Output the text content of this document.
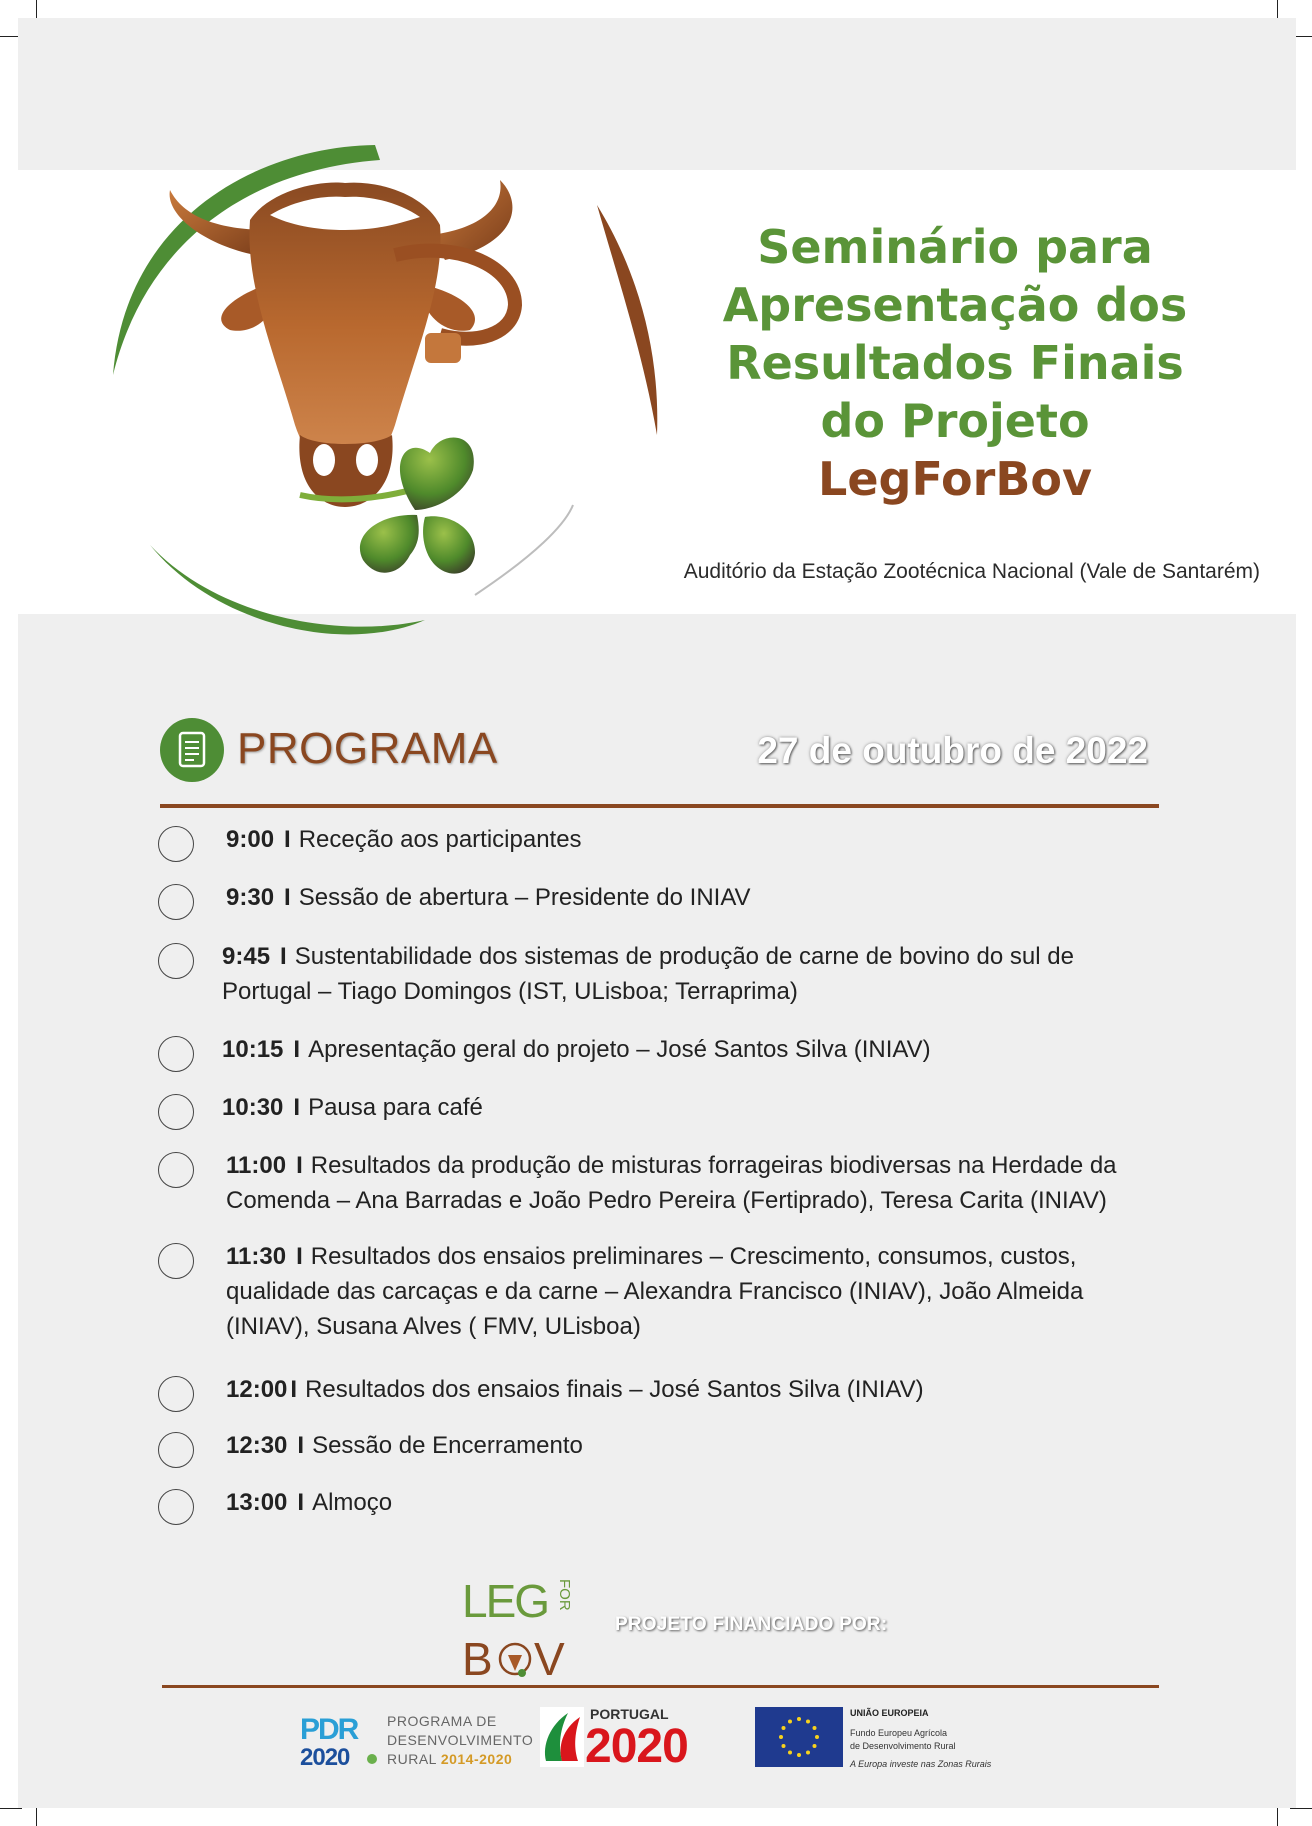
Seminário para
Apresentação dos
Resultados Finais
do Projeto
LegForBov
Auditório da Estação Zootécnica Nacional (Vale de Santarém)
PROGRAMA	27 de outubro de 2022
9:00 I Receção aos participantes
9:30 I Sessão de abertura – Presidente do INIAV
9:45 I Sustentabilidade dos sistemas de produção de carne de bovino do sul de Portugal – Tiago Domingos (IST, ULisboa; Terraprima)
10:15 I Apresentação geral do projeto – José Santos Silva (INIAV)
10:30 I Pausa para café
11:00 I Resultados da produção de misturas forrageiras biodiversas na Herdade da Comenda – Ana Barradas e João Pedro Pereira (Fertiprado), Teresa Carita (INIAV)
11:30 I Resultados dos ensaios preliminares – Crescimento, consumos, custos, qualidade das carcaças e da carne – Alexandra Francisco (INIAV), João Almeida (INIAV), Susana Alves ( FMV, ULisboa)
12:00 I Resultados dos ensaios finais – José Santos Silva (INIAV)
12:30 I Sessão de Encerramento
13:00 I Almoço
LEG FOR
B V
PROJETO FINANCIADO POR:
PDR
2020
PROGRAMA DE
DESENVOLVIMENTO
RURAL 2014-2020
PORTUGAL
2020
UNIÃO EUROPEIA
Fundo Europeu Agrícola
de Desenvolvimento Rural
A Europa investe nas Zonas Rurais
